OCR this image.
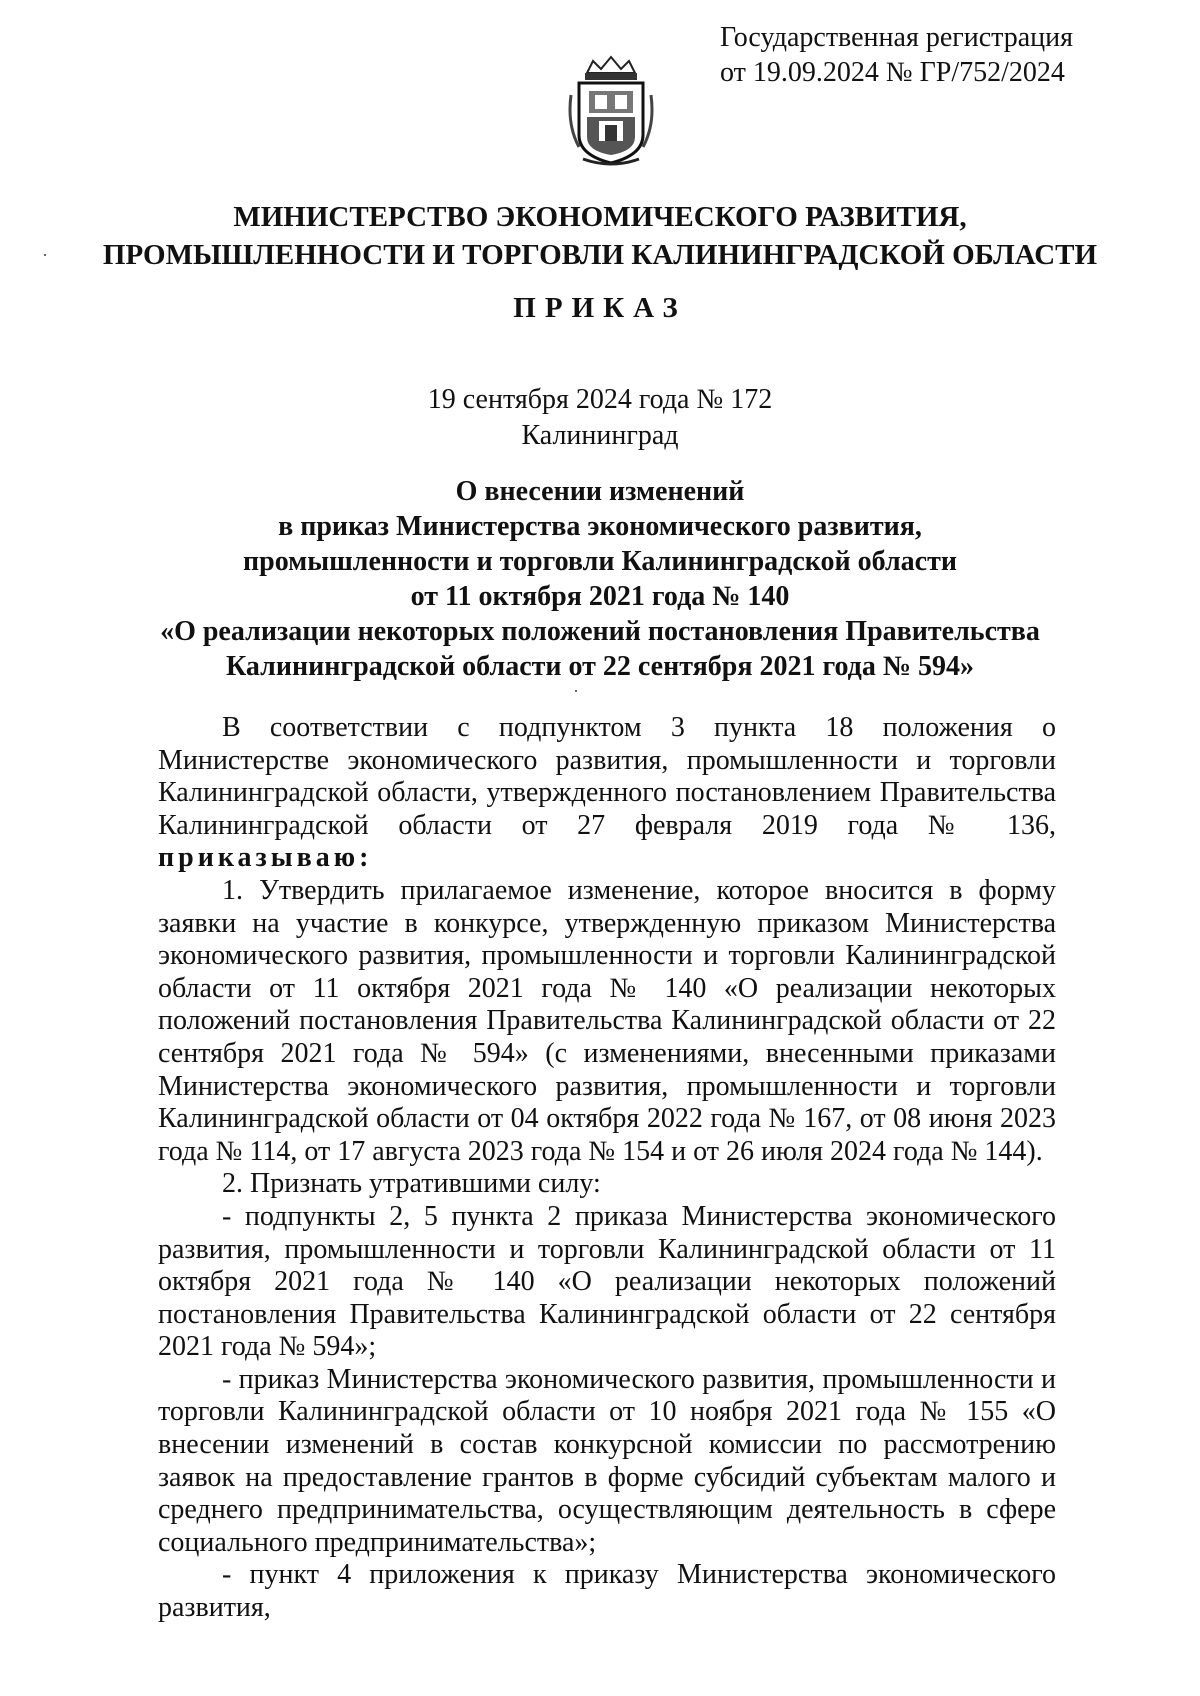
Государственная регистрация
от 19.09.2024 № ГР/752/2024
МИНИСТЕРСТВО ЭКОНОМИЧЕСКОГО РАЗВИТИЯ,
ПРОМЫШЛЕННОСТИ И ТОРГОВЛИ КАЛИНИНГРАДСКОЙ ОБЛАСТИ
ПРИКАЗ
19 сентября 2024 года № 172
Калининград
О внесении изменений
в приказ Министерства экономического развития,
промышленности и торговли Калининградской области
от 11 октября 2021 года № 140
«О реализации некоторых положений постановления Правительства
Калининградской области от 22 сентября 2021 года № 594»

В соответствии с подпунктом 3 пункта 18 положения о Министерстве экономического развития, промышленности и торговли Калининградской области, утвержденного постановлением Правительства Калининградской области от 27 февраля 2019 года № 136, приказываю:

1. Утвердить прилагаемое изменение, которое вносится в форму заявки на участие в конкурсе, утвержденную приказом Министерства экономического развития, промышленности и торговли Калининградской области от 11 октября 2021 года № 140 «О реализации некоторых положений постановления Правительства Калининградской области от 22 сентября 2021 года № 594» (с изменениями, внесенными приказами Министерства экономического развития, промышленности и торговли Калининградской области от 04 октября 2022 года № 167, от 08 июня 2023 года № 114, от 17 августа 2023 года № 154 и от 26 июля 2024 года № 144).

2. Признать утратившими силу:

- подпункты 2, 5 пункта 2 приказа Министерства экономического развития, промышленности и торговли Калининградской области от 11 октября 2021 года № 140 «О реализации некоторых положений постановления Правительства Калининградской области от 22 сентября 2021 года № 594»;

- приказ Министерства экономического развития, промышленности и торговли Калининградской области от 10 ноября 2021 года № 155 «О внесении изменений в состав конкурсной комиссии по рассмотрению заявок на предоставление грантов в форме субсидий субъектам малого и среднего предпринимательства, осуществляющим деятельность в сфере социального предпринимательства»;

- пункт 4 приложения к приказу Министерства экономического развития,
